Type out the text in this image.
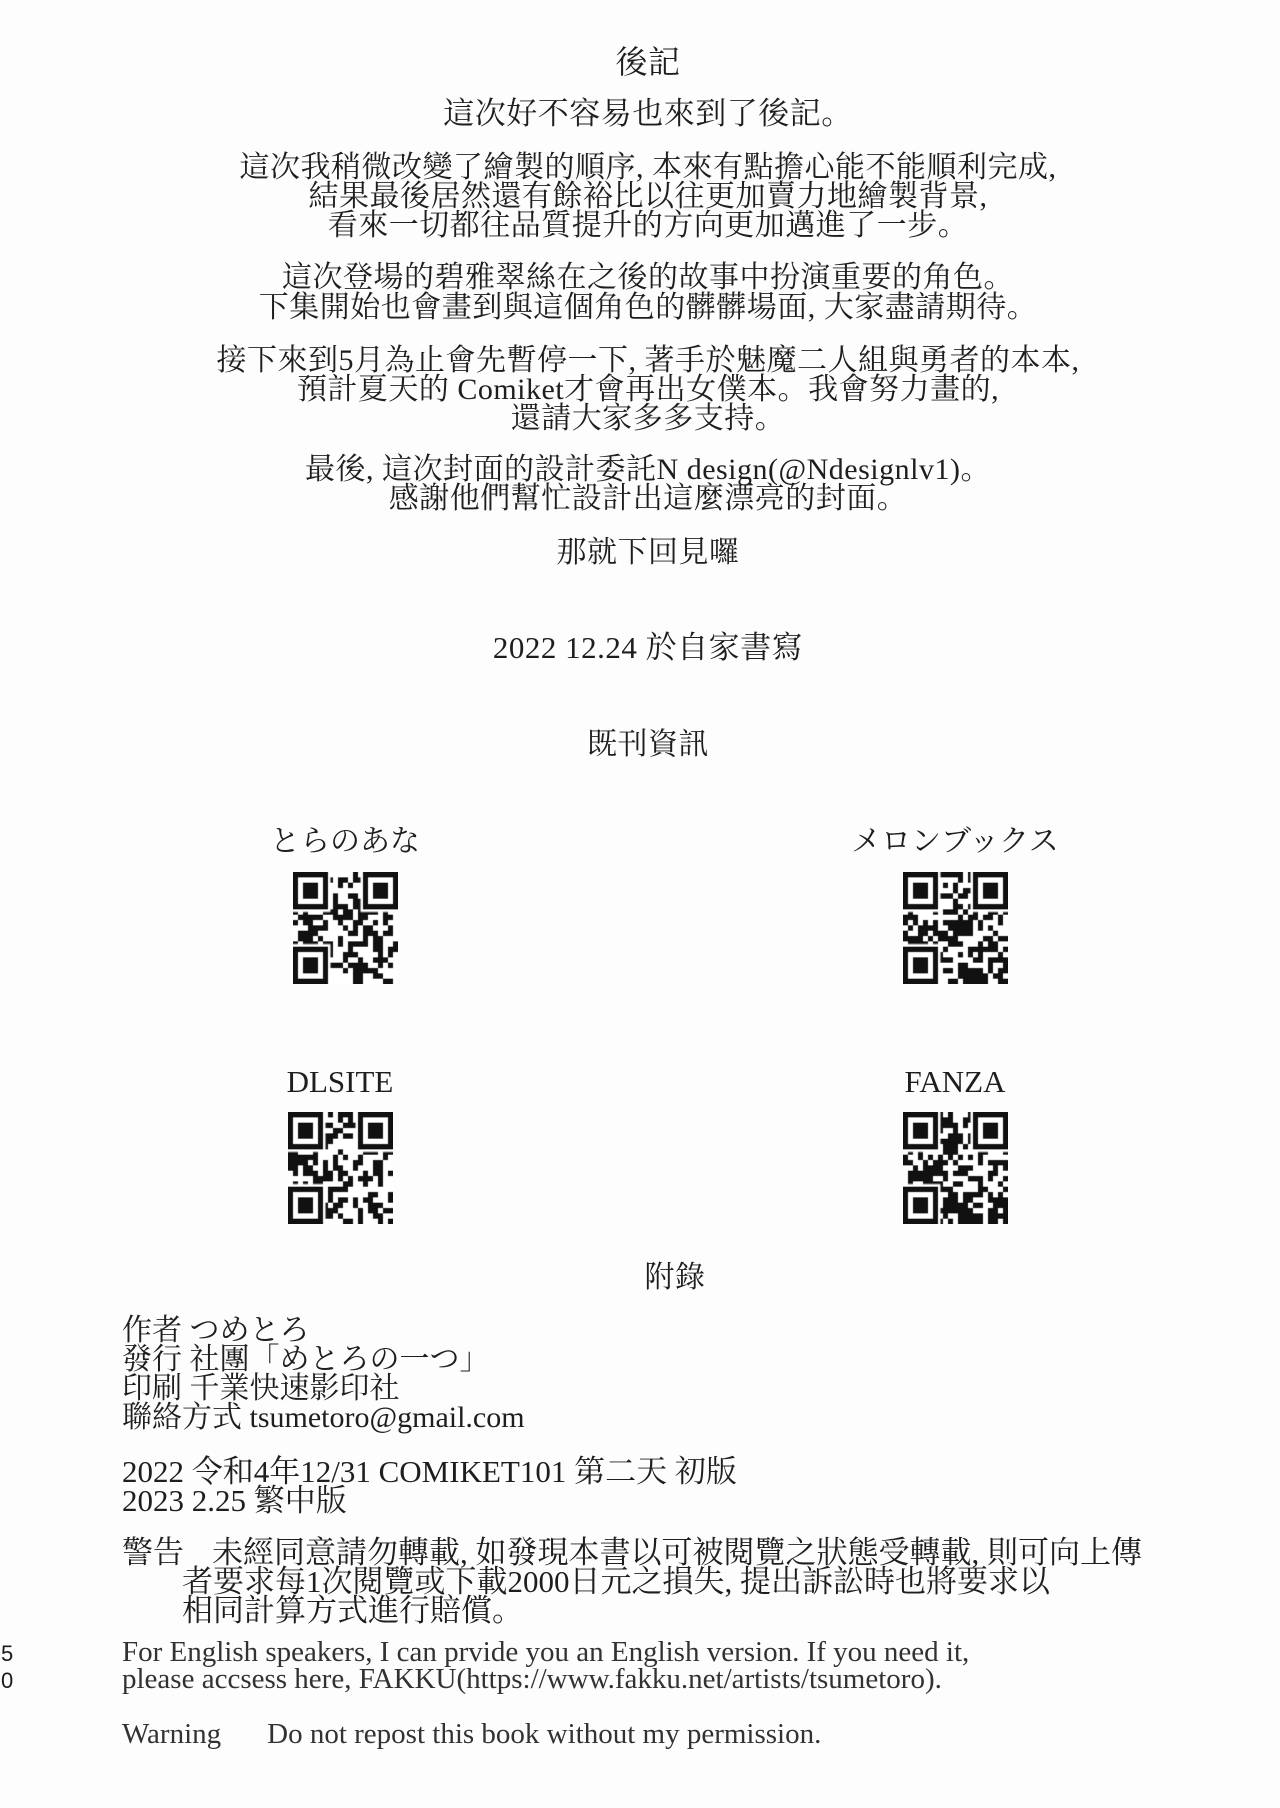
5
0
後記
這次好不容易也來到了後記。
這次我稍微改變了繪製的順序, 本來有點擔心能不能順利完成,
結果最後居然還有餘裕比以往更加賣力地繪製背景,
看來一切都往品質提升的方向更加邁進了一步。
這次登場的碧雅翠絲在之後的故事中扮演重要的角色。
下集開始也會畫到與這個角色的髒髒場面, 大家盡請期待。
接下來到5月為止會先暫停一下, 著手於魅魔二人組與勇者的本本,
預計夏天的 Comiket才會再出女僕本。我會努力畫的,
還請大家多多支持。
最後, 這次封面的設計委託N design(@Ndesignlv1)。
感謝他們幫忙設計出這麼漂亮的封面。
那就下回見囉
2022 12.24 於自家書寫
既刊資訊
とらのあな	メロンブックス
DLSITE	FANZA
附錄
作者 つめとろ
發行 社團「めとろの一つ」
印刷 千業快速影印社
聯絡方式 tsumetoro@gmail.com
2022 令和4年12/31 COMIKET101 第二天 初版
2023 2.25 繁中版
警告 未經同意請勿轉載, 如發現本書以可被閱覽之狀態受轉載, 則可向上傳
者要求每1次閱覽或下載2000日元之損失, 提出訴訟時也將要求以
相同計算方式進行賠償。
For English speakers, I can prvide you an English version. If you need it,
please accsess here, FAKKU(https://www.fakku.net/artists/tsumetoro).
Warning Do not repost this book without my permission.
